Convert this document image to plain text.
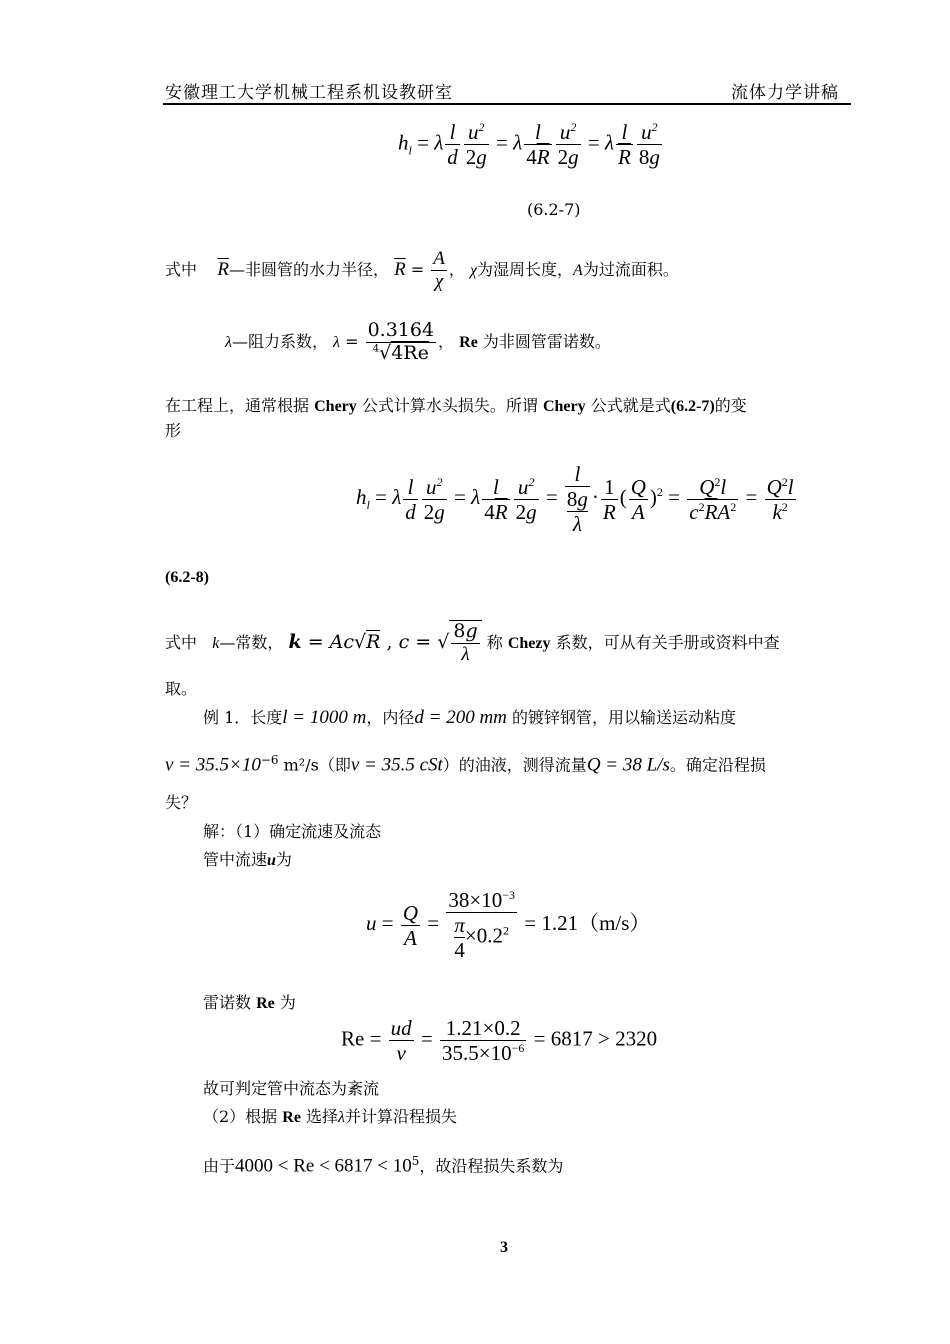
安徽理工大学机械工程系机设教研室	流体力学讲稿
$h_l = \lambda \frac{l}{d} \frac{u^2}{2g} = \lambda \frac{l}{4\overline{R}} \frac{u^2}{2g} = \lambda \frac{l}{R} \frac{u^2}{8g}$
(6.2-7)
式中 $\overline{R}—$非圆管的水力半径， $\overline{R} = \frac{A}{\chi}$ ， χ为湿周长度，A为过流面积。
λ—阻力系数， $\lambda = \frac{0.3164}{^4√4Re}$ ， Re 为非圆管雷诺数。
在工程上，通常根据 Chery 公式计算水头损失。所谓 Chery 公式就是式(6.2-7)的变
形
$h_l = \lambda \frac{l}{d} \frac{u^2}{2g} = \lambda \frac{l}{4\overline{R}} \frac{u^2}{2g} = \frac{l}{\frac{8g}{\lambda}} \cdot \frac{1}{R}$ ( $\frac{Q}{A} )^2 = \frac{Q^2l}{c^2\overline{R}A^2} = \frac{Q^2l}{k^2}$
(6.2-8)
式中 k—常数， k = Ac√R , c = √ $\frac{8g}{\lambda}$ 称 Chezy 系数，可从有关手册或资料中查
取。
例 1．长度l = 1000 m，内径d = 200 mm 的镀锌钢管，用以输送运动粘度
$\nu = 35.5\times 10^{-6}$ m²/s（即ν = 35.5 cSt）的油液，测得流量Q = 38 L/s。确定沿程损
失？
解：（1）确定流速及流态
管中流速u为
$u = \frac{Q}{A} = \frac{38\times 10^{-3}}{\frac{\pi}{4} \times 0.2^2} = 1.21(m/s)$
雷诺数 Re 为
$Re = \frac{ud}{\nu} = \frac{1.21\times 0.2}{35.5\times 10^{-6}} = 6817 > 2320$
故可判定管中流态为紊流
（2）根据 Re 选择λ并计算沿程损失
由于$4000 < Re < 6817 < 10^5$，故沿程损失系数为
3
